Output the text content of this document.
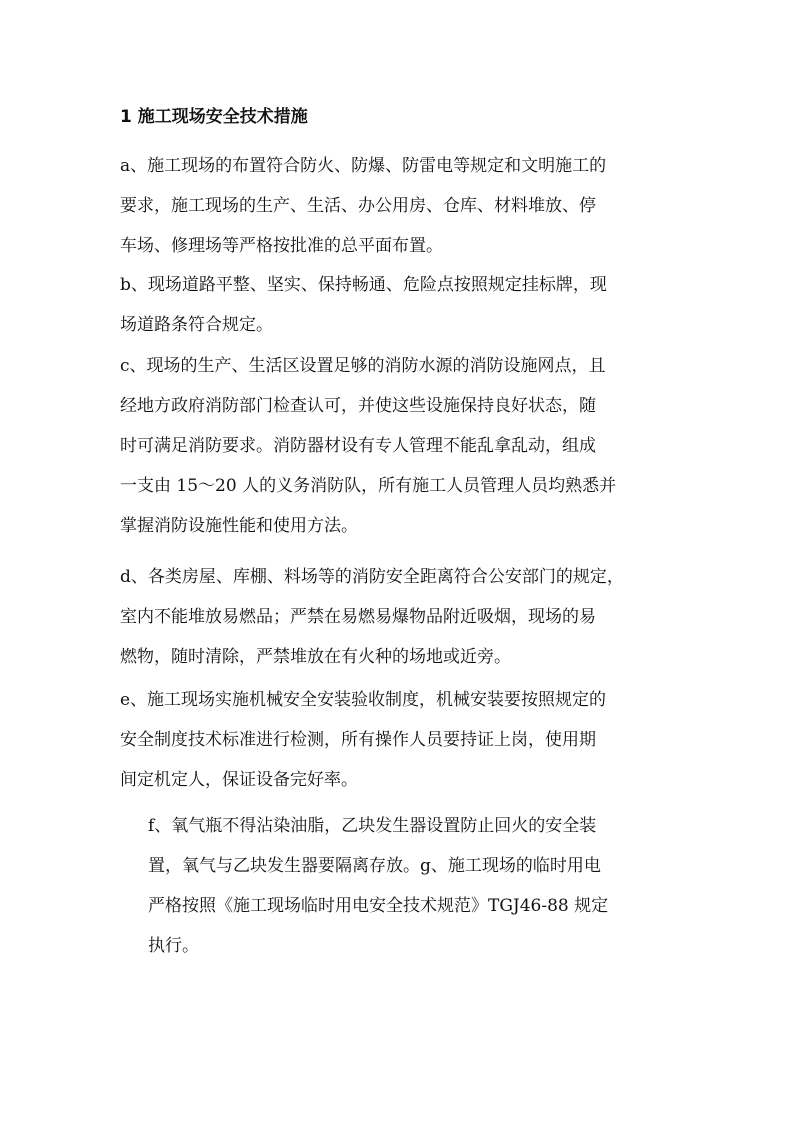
1 施工现场安全技术措施

a、施工现场的布置符合防火、防爆、防雷电等规定和文明施工的
要求，施工现场的生产、生活、办公用房、仓库、材料堆放、停
车场、修理场等严格按批准的总平面布置。

b、现场道路平整、坚实、保持畅通、危险点按照规定挂标牌，现
场道路条符合规定。

c、现场的生产、生活区设置足够的消防水源的消防设施网点，且
经地方政府消防部门检查认可，并使这些设施保持良好状态，随
时可满足消防要求。消防器材设有专人管理不能乱拿乱动，组成
一支由 15～20 人的义务消防队，所有施工人员管理人员均熟悉并
掌握消防设施性能和使用方法。

d、各类房屋、库棚、料场等的消防安全距离符合公安部门的规定，
室内不能堆放易燃品；严禁在易燃易爆物品附近吸烟，现场的易
燃物，随时清除，严禁堆放在有火种的场地或近旁。

e、施工现场实施机械安全安装验收制度，机械安装要按照规定的
安全制度技术标准进行检测，所有操作人员要持证上岗，使用期
间定机定人，保证设备完好率。

f、氧气瓶不得沾染油脂，乙块发生器设置防止回火的安全装
置，氧气与乙块发生器要隔离存放。g、施工现场的临时用电
严格按照《施工现场临时用电安全技术规范》TGJ46-88 规定
执行。
